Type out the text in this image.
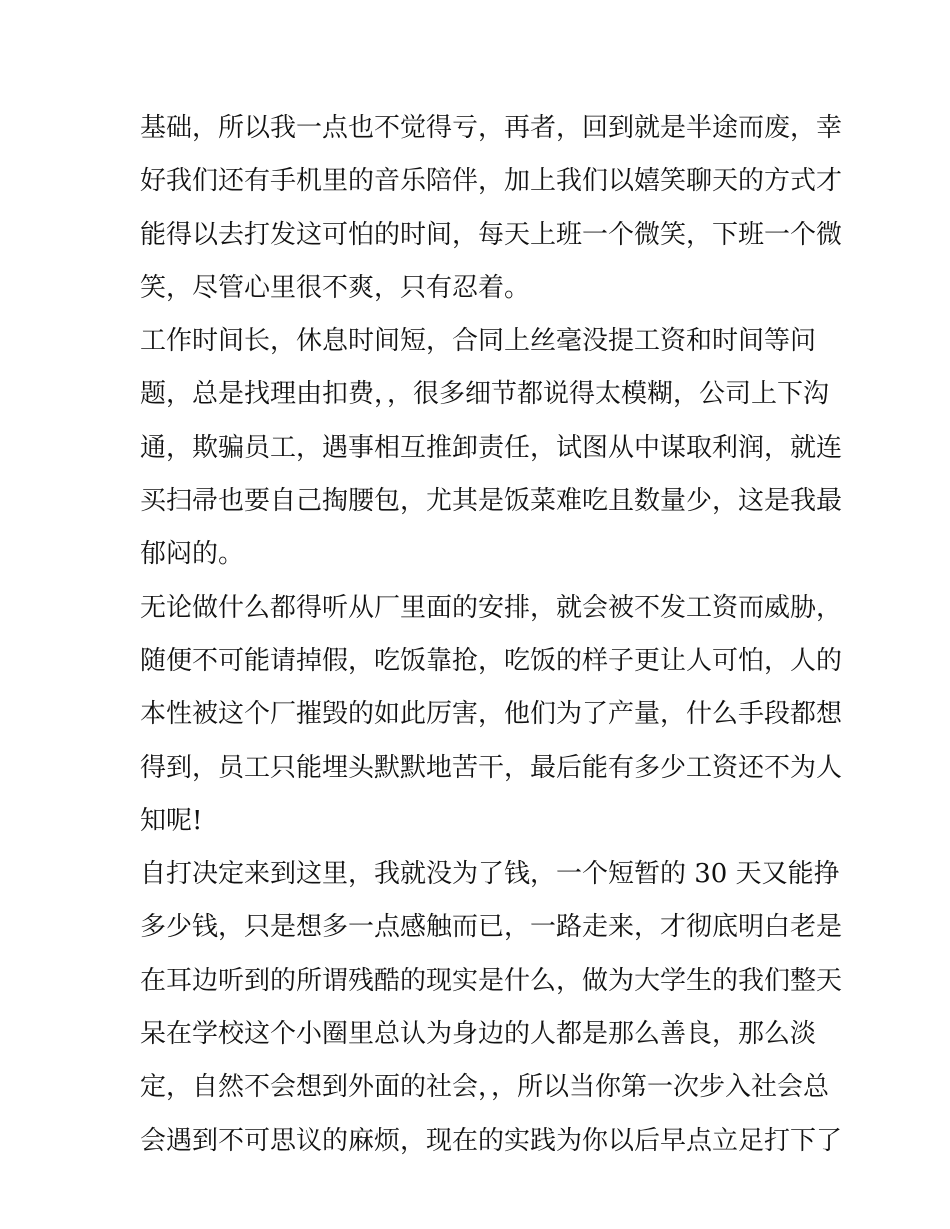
基础，所以我一点也不觉得亏，再者，回到就是半途而废，幸
好我们还有手机里的音乐陪伴，加上我们以嬉笑聊天的方式才
能得以去打发这可怕的时间，每天上班一个微笑，下班一个微
笑，尽管心里很不爽，只有忍着。
工作时间长，休息时间短，合同上丝毫没提工资和时间等问
题，总是找理由扣费，，很多细节都说得太模糊，公司上下沟
通，欺骗员工，遇事相互推卸责任，试图从中谋取利润，就连
买扫帚也要自己掏腰包，尤其是饭菜难吃且数量少，这是我最
郁闷的。
无论做什么都得听从厂里面的安排，就会被不发工资而威胁，
随便不可能请掉假，吃饭靠抢，吃饭的样子更让人可怕，人的
本性被这个厂摧毁的如此厉害，他们为了产量，什么手段都想
得到，员工只能埋头默默地苦干，最后能有多少工资还不为人
知呢!
自打决定来到这里，我就没为了钱，一个短暂的 30 天又能挣
多少钱，只是想多一点感触而已，一路走来，才彻底明白老是
在耳边听到的所谓残酷的现实是什么，做为大学生的我们整天
呆在学校这个小圈里总认为身边的人都是那么善良，那么淡
定，自然不会想到外面的社会，，所以当你第一次步入社会总
会遇到不可思议的麻烦，现在的实践为你以后早点立足打下了
